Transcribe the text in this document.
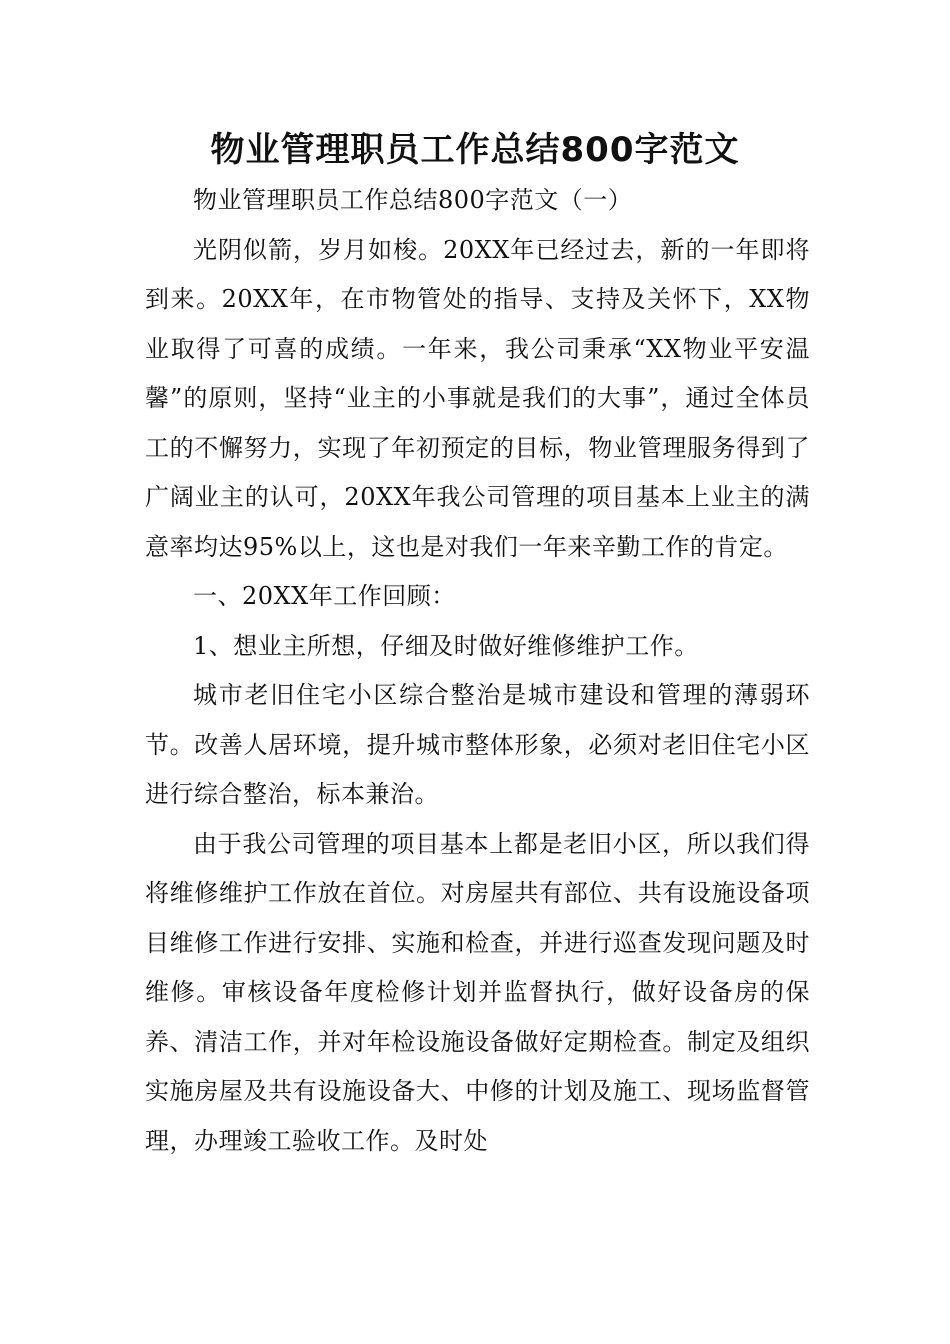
物业管理职员工作总结800字范文

物业管理职员工作总结800字范文（一）

光阴似箭，岁月如梭。20XX年已经过去，新的一年即将到来。20XX年，在市物管处的指导、支持及关怀下，XX物业取得了可喜的成绩。一年来，我公司秉承“XX物业平安温馨”的原则，坚持“业主的小事就是我们的大事”，通过全体员工的不懈努力，实现了年初预定的目标，物业管理服务得到了广阔业主的认可，20XX年我公司管理的项目基本上业主的满意率均达95%以上，这也是对我们一年来辛勤工作的肯定。

一、20XX年工作回顾：

1、想业主所想，仔细及时做好维修维护工作。

城市老旧住宅小区综合整治是城市建设和管理的薄弱环节。改善人居环境，提升城市整体形象，必须对老旧住宅小区进行综合整治，标本兼治。

由于我公司管理的项目基本上都是老旧小区，所以我们得将维修维护工作放在首位。对房屋共有部位、共有设施设备项目维修工作进行安排、实施和检查，并进行巡查发现问题及时维修。审核设备年度检修计划并监督执行，做好设备房的保养、清洁工作，并对年检设施设备做好定期检查。制定及组织实施房屋及共有设施设备大、中修的计划及施工、现场监督管理，办理竣工验收工作。及时处
